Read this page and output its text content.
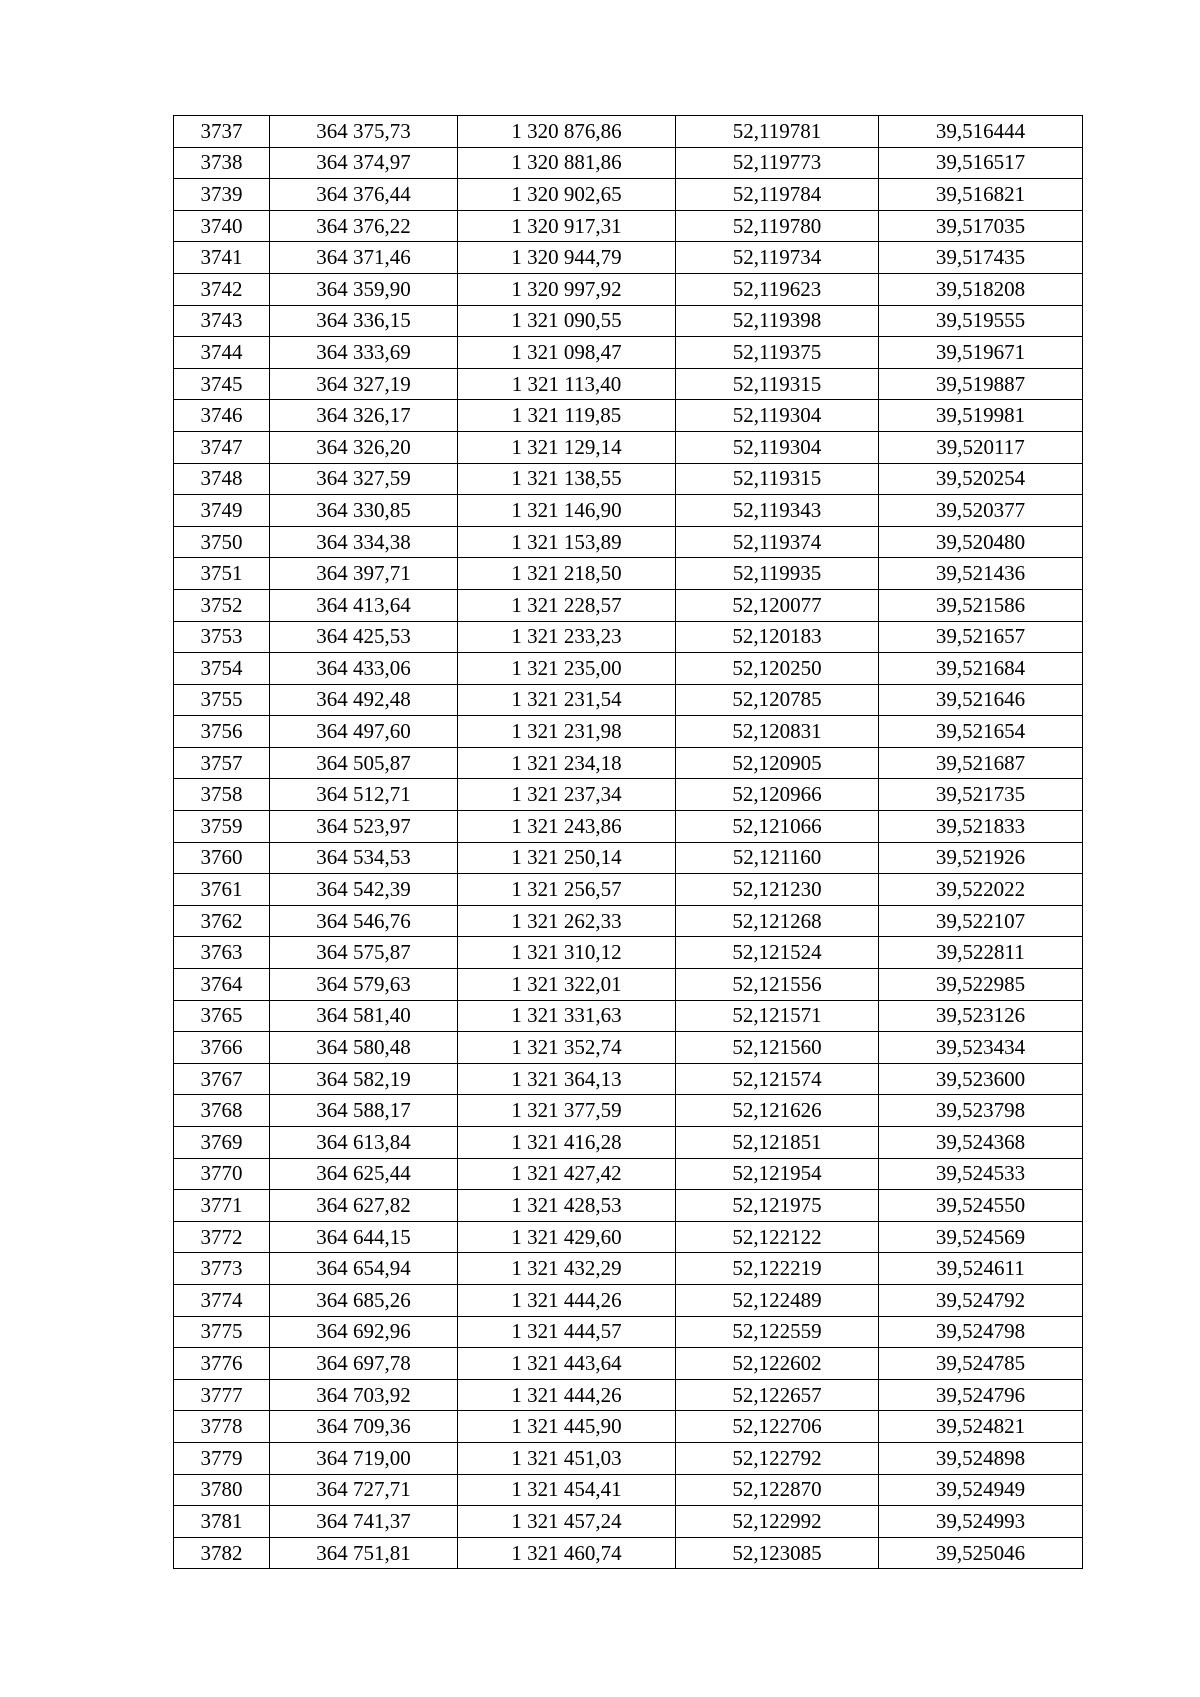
3737	364 375,73	1 320 876,86	52,119781	39,516444
3738	364 374,97	1 320 881,86	52,119773	39,516517
3739	364 376,44	1 320 902,65	52,119784	39,516821
3740	364 376,22	1 320 917,31	52,119780	39,517035
3741	364 371,46	1 320 944,79	52,119734	39,517435
3742	364 359,90	1 320 997,92	52,119623	39,518208
3743	364 336,15	1 321 090,55	52,119398	39,519555
3744	364 333,69	1 321 098,47	52,119375	39,519671
3745	364 327,19	1 321 113,40	52,119315	39,519887
3746	364 326,17	1 321 119,85	52,119304	39,519981
3747	364 326,20	1 321 129,14	52,119304	39,520117
3748	364 327,59	1 321 138,55	52,119315	39,520254
3749	364 330,85	1 321 146,90	52,119343	39,520377
3750	364 334,38	1 321 153,89	52,119374	39,520480
3751	364 397,71	1 321 218,50	52,119935	39,521436
3752	364 413,64	1 321 228,57	52,120077	39,521586
3753	364 425,53	1 321 233,23	52,120183	39,521657
3754	364 433,06	1 321 235,00	52,120250	39,521684
3755	364 492,48	1 321 231,54	52,120785	39,521646
3756	364 497,60	1 321 231,98	52,120831	39,521654
3757	364 505,87	1 321 234,18	52,120905	39,521687
3758	364 512,71	1 321 237,34	52,120966	39,521735
3759	364 523,97	1 321 243,86	52,121066	39,521833
3760	364 534,53	1 321 250,14	52,121160	39,521926
3761	364 542,39	1 321 256,57	52,121230	39,522022
3762	364 546,76	1 321 262,33	52,121268	39,522107
3763	364 575,87	1 321 310,12	52,121524	39,522811
3764	364 579,63	1 321 322,01	52,121556	39,522985
3765	364 581,40	1 321 331,63	52,121571	39,523126
3766	364 580,48	1 321 352,74	52,121560	39,523434
3767	364 582,19	1 321 364,13	52,121574	39,523600
3768	364 588,17	1 321 377,59	52,121626	39,523798
3769	364 613,84	1 321 416,28	52,121851	39,524368
3770	364 625,44	1 321 427,42	52,121954	39,524533
3771	364 627,82	1 321 428,53	52,121975	39,524550
3772	364 644,15	1 321 429,60	52,122122	39,524569
3773	364 654,94	1 321 432,29	52,122219	39,524611
3774	364 685,26	1 321 444,26	52,122489	39,524792
3775	364 692,96	1 321 444,57	52,122559	39,524798
3776	364 697,78	1 321 443,64	52,122602	39,524785
3777	364 703,92	1 321 444,26	52,122657	39,524796
3778	364 709,36	1 321 445,90	52,122706	39,524821
3779	364 719,00	1 321 451,03	52,122792	39,524898
3780	364 727,71	1 321 454,41	52,122870	39,524949
3781	364 741,37	1 321 457,24	52,122992	39,524993
3782	364 751,81	1 321 460,74	52,123085	39,525046
